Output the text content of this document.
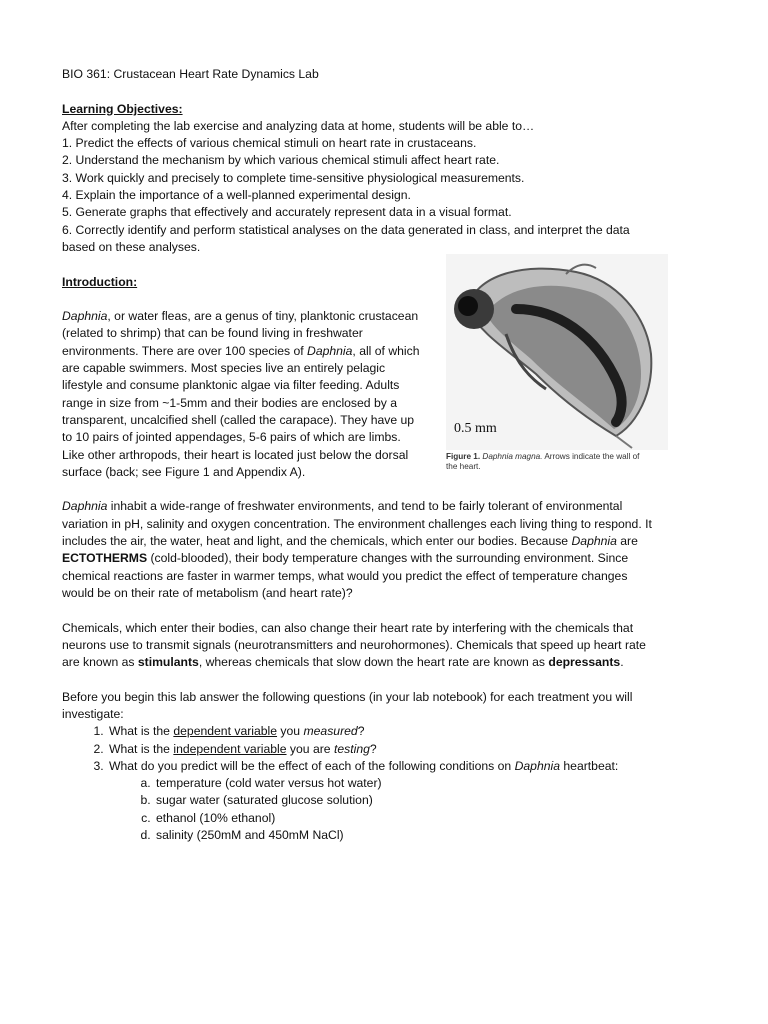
BIO 361: Crustacean Heart Rate Dynamics Lab
Learning Objectives:
After completing the lab exercise and analyzing data at home, students will be able to…
1. Predict the effects of various chemical stimuli on heart rate in crustaceans.
2. Understand the mechanism by which various chemical stimuli affect heart rate.
3. Work quickly and precisely to complete time-sensitive physiological measurements.
4. Explain the importance of a well-planned experimental design.
5. Generate graphs that effectively and accurately represent data in a visual format.
6. Correctly identify and perform statistical analyses on the data generated in class, and interpret the data
based on these analyses.
Introduction:
Daphnia, or water fleas, are a genus of tiny, planktonic crustacean
(related to shrimp) that can be found living in freshwater
environments. There are over 100 species of Daphnia, all of which
are capable swimmers. Most species live an entirely pelagic
lifestyle and consume planktonic algae via filter feeding. Adults
range in size from ~1-5mm and their bodies are enclosed by a
transparent, uncalcified shell (called the carapace). They have up
to 10 pairs of jointed appendages, 5-6 pairs of which are limbs.
Like other arthropods, their heart is located just below the dorsal
surface (back; see Figure 1 and Appendix A).
0.5 mm
Figure 1. Daphnia magna. Arrows indicate the wall of the heart.
Daphnia inhabit a wide-range of freshwater environments, and tend to be fairly tolerant of environmental
variation in pH, salinity and oxygen concentration. The environment challenges each living thing to respond. It
includes the air, the water, heat and light, and the chemicals, which enter our bodies. Because Daphnia are
ECTOTHERMS (cold-blooded), their body temperature changes with the surrounding environment. Since
chemical reactions are faster in warmer temps, what would you predict the effect of temperature changes
would be on their rate of metabolism (and heart rate)?
Chemicals, which enter their bodies, can also change their heart rate by interfering with the chemicals that
neurons use to transmit signals (neurotransmitters and neurohormones). Chemicals that speed up heart rate
are known as stimulants, whereas chemicals that slow down the heart rate are known as depressants.
Before you begin this lab answer the following questions (in your lab notebook) for each treatment you will
investigate:
1. What is the dependent variable you measured?
2. What is the independent variable you are testing?
3. What do you predict will be the effect of each of the following conditions on Daphnia heartbeat:
a. temperature (cold water versus hot water)
b. sugar water (saturated glucose solution)
c. ethanol (10% ethanol)
d. salinity (250mM and 450mM NaCl)
